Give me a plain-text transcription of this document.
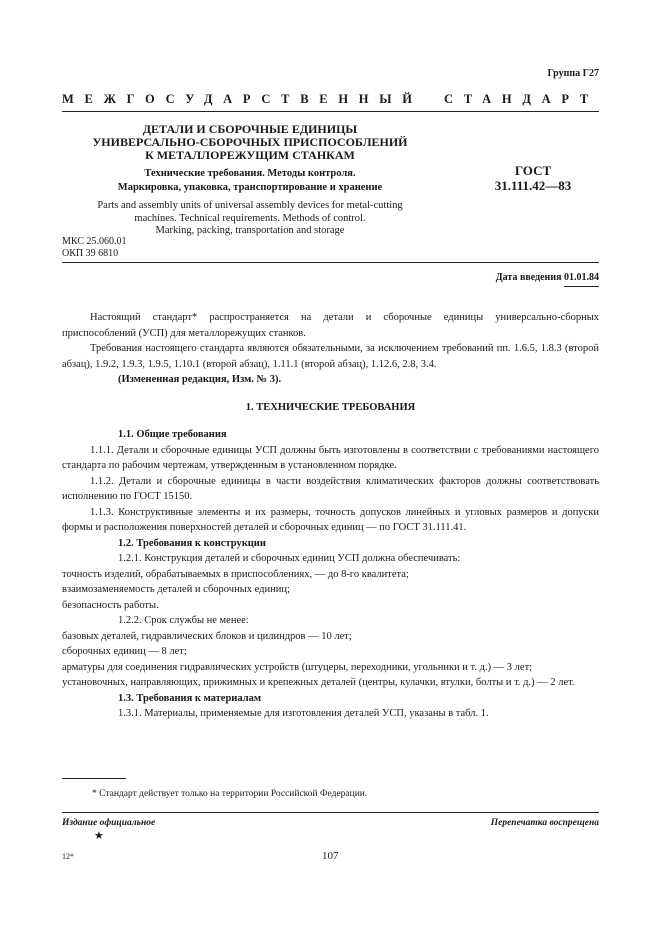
Группа Г27
МЕЖГОСУДАРСТВЕННЫЙ СТАНДАРТ
ДЕТАЛИ И СБОРОЧНЫЕ ЕДИНИЦЫ
УНИВЕРСАЛЬНО-СБОРОЧНЫХ ПРИСПОСОБЛЕНИЙ
К МЕТАЛЛОРЕЖУЩИМ СТАНКАМ
Технические требования. Методы контроля.
Маркировка, упаковка, транспортирование и хранение
Parts and assembly units of universal assembly devices for metal-cutting
machines. Technical requirements. Methods of control.
Marking, packing, transportation and storage
ГОСТ
31.111.42—83
МКС 25.060.01
ОКП 39 6810
Дата введения 01.01.84

Настоящий стандарт* распространяется на детали и сборочные единицы универсально-сборных приспособлений (УСП) для металлорежущих станков.

Требования настоящего стандарта являются обязательными, за исключением требований пп. 1.6.5, 1.8.3 (второй абзац), 1.9.2, 1.9.3, 1.9.5, 1.10.1 (второй абзац), 1.11.1 (второй абзац), 1.12.6, 2.8, 3.4.

(Измененная редакция, Изм. № 3).

1. ТЕХНИЧЕСКИЕ ТРЕБОВАНИЯ

1.1. Общие требования

1.1.1. Детали и сборочные единицы УСП должны быть изготовлены в соответствии с требованиями настоящего стандарта по рабочим чертежам, утвержденным в установленном порядке.

1.1.2. Детали и сборочные единицы в части воздействия климатических факторов должны соответствовать исполнению по ГОСТ 15150.

1.1.3. Конструктивные элементы и их размеры, точность допусков линейных и угловых размеров и допуски формы и расположения поверхностей деталей и сборочных единиц — по ГОСТ 31.111.41.

1.2. Требования к конструкции

1.2.1. Конструкция деталей и сборочных единиц УСП должна обеспечивать:

точность изделий, обрабатываемых в приспособлениях, — до 8-го квалитета;

взаимозаменяемость деталей и сборочных единиц;

безопасность работы.

1.2.2. Срок службы не менее:

базовых деталей, гидравлических блоков и цилиндров — 10 лет;

сборочных единиц — 8 лет;

арматуры для соединения гидравлических устройств (штуцеры, переходники, угольники и т. д.) — 3 лет;

установочных, направляющих, прижимных и крепежных деталей (центры, кулачки, втулки, болты и т. д.) — 2 лет.

1.3. Требования к материалам

1.3.1. Материалы, применяемые для изготовления деталей УСП, указаны в табл. 1.

* Стандарт действует только на территории Российской Федерации.
Издание официальное
★
Перепечатка воспрещена
12*	107
